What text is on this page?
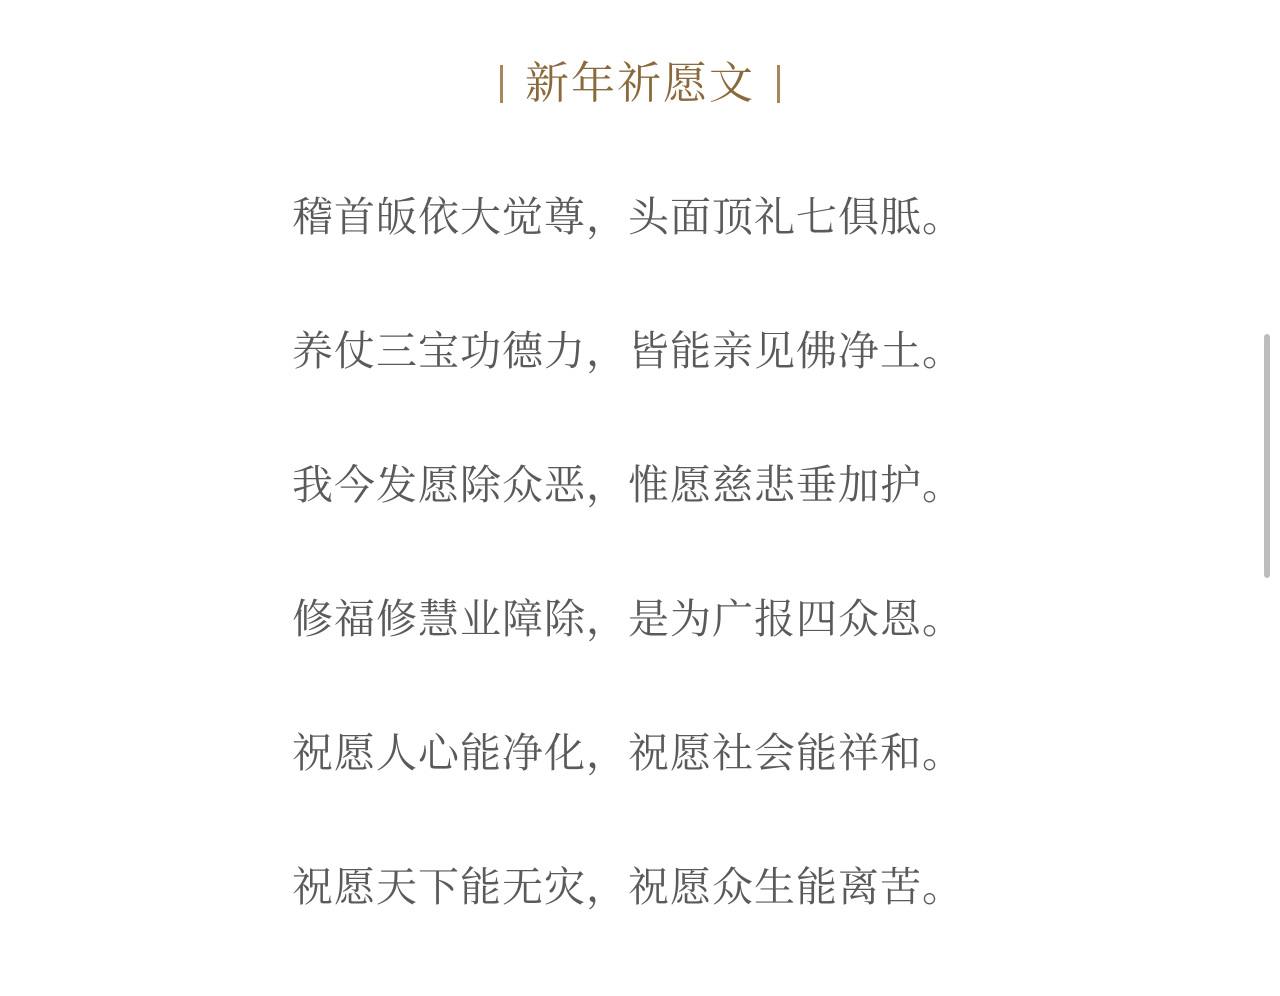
新年祈愿文
稽首皈依大觉尊，头面顶礼七俱胝。
养仗三宝功德力，皆能亲见佛净土。
我今发愿除众恶，惟愿慈悲垂加护。
修福修慧业障除，是为广报四众恩。
祝愿人心能净化，祝愿社会能祥和。
祝愿天下能无灾，祝愿众生能离苦。
